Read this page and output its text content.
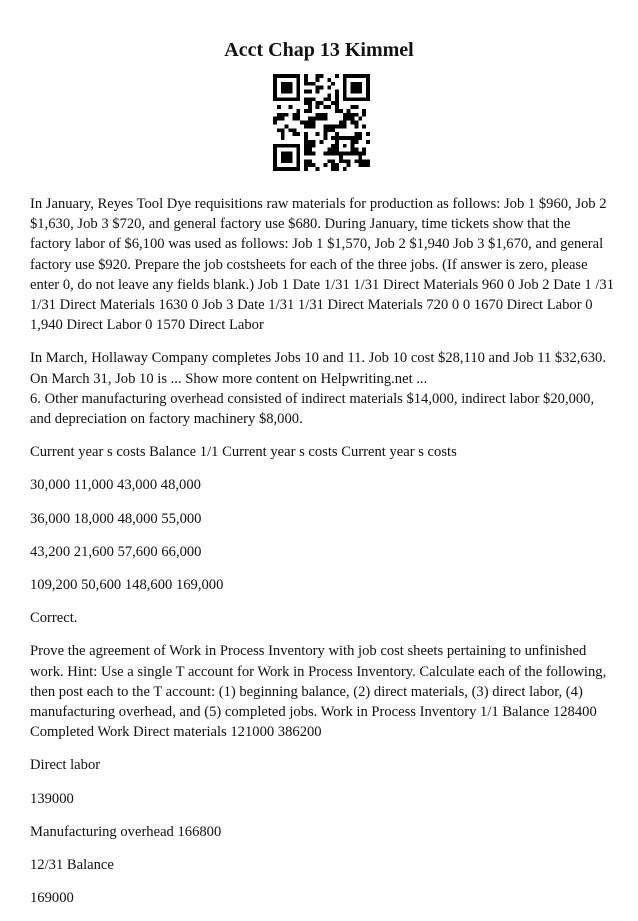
Acct Chap 13 Kimmel

In January, Reyes Tool Dye requisitions raw materials for production as follows: Job 1 $960, Job 2 $1,630, Job 3 $720, and general factory use $680. During January, time tickets show that the factory labor of $6,100 was used as follows: Job 1 $1,570, Job 2 $1,940 Job 3 $1,670, and general factory use $920. Prepare the job costsheets for each of the three jobs. (If answer is zero, please enter 0, do not leave any fields blank.) Job 1 Date 1/31 1/31 Direct Materials 960 0 Job 2 Date 1 /31 1/31 Direct Materials 1630 0 Job 3 Date 1/31 1/31 Direct Materials 720 0 0 1670 Direct Labor 0 1,940 Direct Labor 0 1570 Direct Labor

In March, Hollaway Company completes Jobs 10 and 11. Job 10 cost $28,110 and Job 11 $32,630. On March 31, Job 10 is ... Show more content on Helpwriting.net ...

6. Other manufacturing overhead consisted of indirect materials $14,000, indirect labor $20,000, and depreciation on factory machinery $8,000.

Current year s costs Balance 1/1 Current year s costs Current year s costs

30,000 11,000 43,000 48,000

36,000 18,000 48,000 55,000

43,200 21,600 57,600 66,000

109,200 50,600 148,600 169,000

Correct.

Prove the agreement of Work in Process Inventory with job cost sheets pertaining to unfinished work. Hint: Use a single T account for Work in Process Inventory. Calculate each of the following, then post each to the T account: (1) beginning balance, (2) direct materials, (3) direct labor, (4) manufacturing overhead, and (5) completed jobs. Work in Process Inventory 1/1 Balance 128400 Completed Work Direct materials 121000 386200

Direct labor

139000

Manufacturing overhead 166800

12/31 Balance

169000
